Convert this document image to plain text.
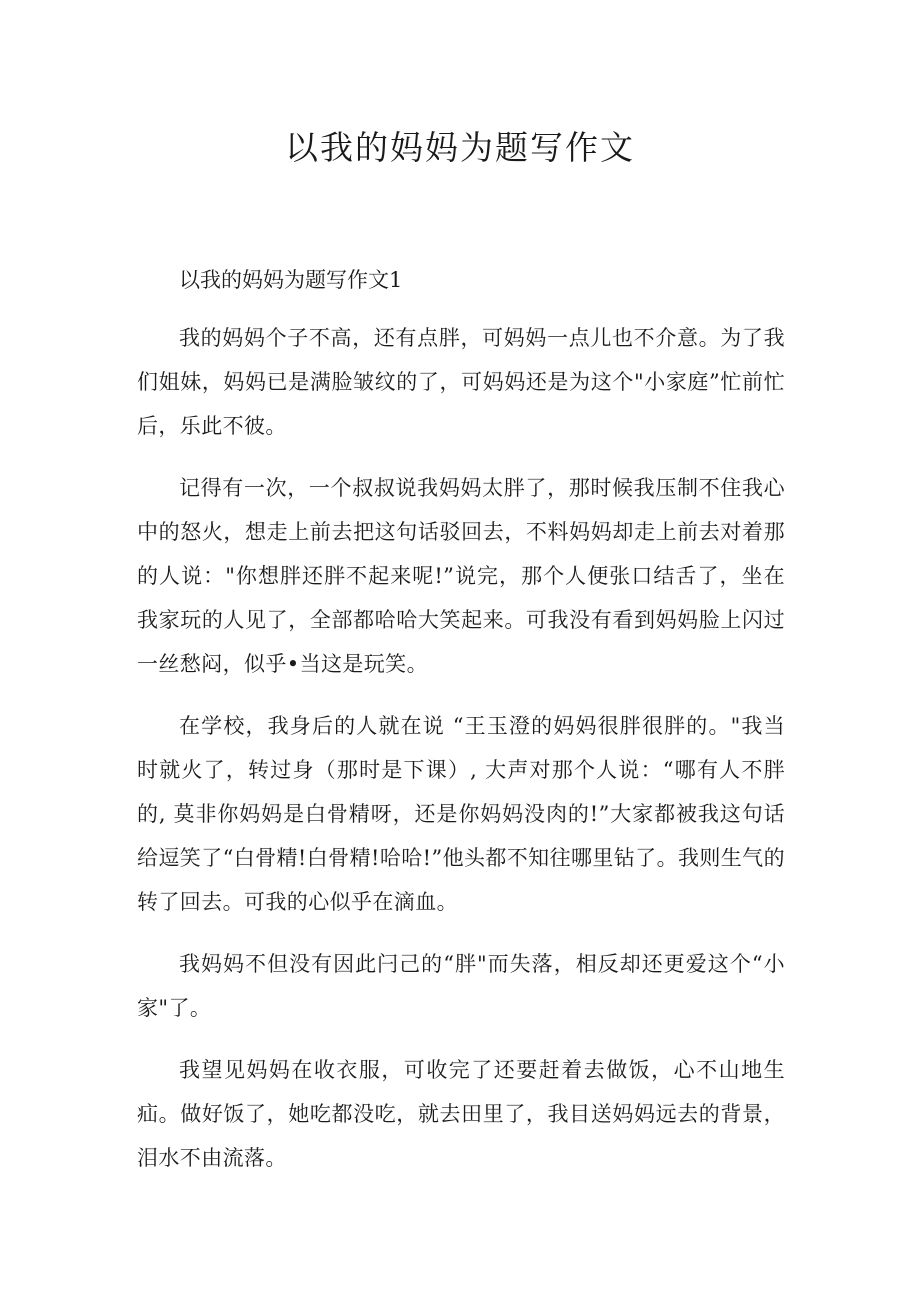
以我的妈妈为题写作文

以我的妈妈为题写作文1

我的妈妈个子不高，还有点胖，可妈妈一点儿也不介意。为了我们姐妹，妈妈已是满脸皱纹的了，可妈妈还是为这个"小家庭”忙前忙后，乐此不彼。

记得有一次，一个叔叔说我妈妈太胖了，那时候我压制不住我心中的怒火，想走上前去把这句话驳回去，不料妈妈却走上前去对着那的人说："你想胖还胖不起来呢!”说完，那个人便张口结舌了，坐在我家玩的人见了，全部都哈哈大笑起来。可我没有看到妈妈脸上闪过一丝愁闷，似乎•当这是玩笑。

在学校，我身后的人就在说 “王玉澄的妈妈很胖很胖的。"我当时就火了，转过身（那时是下课）, 大声对那个人说：“哪有人不胖的, 莫非你妈妈是白骨精呀，还是你妈妈没肉的!”大家都被我这句话给逗笑了“白骨精!白骨精!哈哈!”他头都不知往哪里钻了。我则生气的转了回去。可我的心似乎在滴血。

我妈妈不但没有因此闩己的“胖"而失落，相反却还更爱这个“小家"了。

我望见妈妈在收衣服，可收完了还要赶着去做饭，心不山地生疝。做好饭了，她吃都没吃，就去田里了，我目送妈妈远去的背景，泪水不由流落。
